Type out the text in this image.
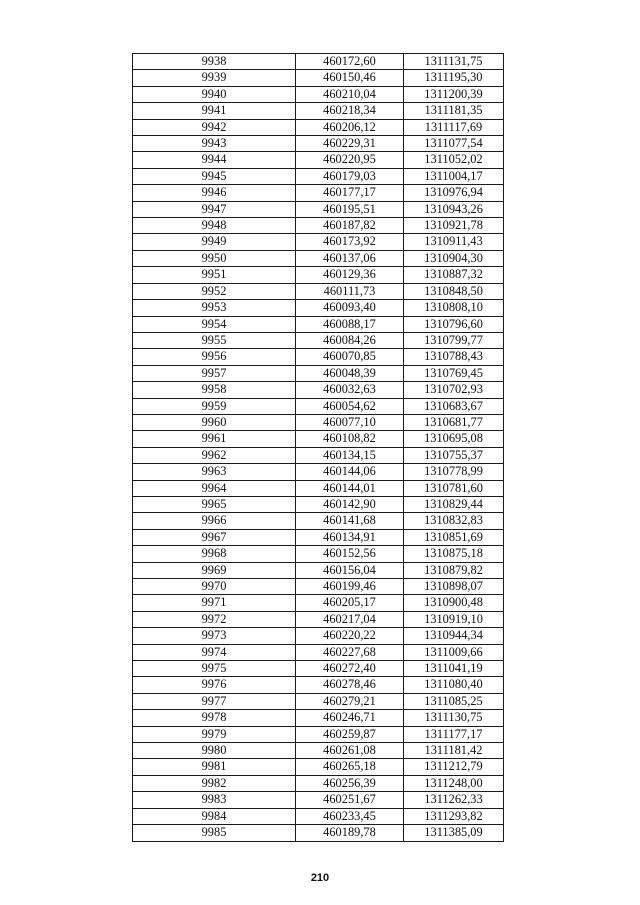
9938	460172,60	1311131,75
9939	460150,46	1311195,30
9940	460210,04	1311200,39
9941	460218,34	1311181,35
9942	460206,12	1311117,69
9943	460229,31	1311077,54
9944	460220,95	1311052,02
9945	460179,03	1311004,17
9946	460177,17	1310976,94
9947	460195,51	1310943,26
9948	460187,82	1310921,78
9949	460173,92	1310911,43
9950	460137,06	1310904,30
9951	460129,36	1310887,32
9952	460111,73	1310848,50
9953	460093,40	1310808,10
9954	460088,17	1310796,60
9955	460084,26	1310799,77
9956	460070,85	1310788,43
9957	460048,39	1310769,45
9958	460032,63	1310702,93
9959	460054,62	1310683,67
9960	460077,10	1310681,77
9961	460108,82	1310695,08
9962	460134,15	1310755,37
9963	460144,06	1310778,99
9964	460144,01	1310781,60
9965	460142,90	1310829,44
9966	460141,68	1310832,83
9967	460134,91	1310851,69
9968	460152,56	1310875,18
9969	460156,04	1310879,82
9970	460199,46	1310898,07
9971	460205,17	1310900,48
9972	460217,04	1310919,10
9973	460220,22	1310944,34
9974	460227,68	1311009,66
9975	460272,40	1311041,19
9976	460278,46	1311080,40
9977	460279,21	1311085,25
9978	460246,71	1311130,75
9979	460259,87	1311177,17
9980	460261,08	1311181,42
9981	460265,18	1311212,79
9982	460256,39	1311248,00
9983	460251,67	1311262,33
9984	460233,45	1311293,82
9985	460189,78	1311385,09
210
